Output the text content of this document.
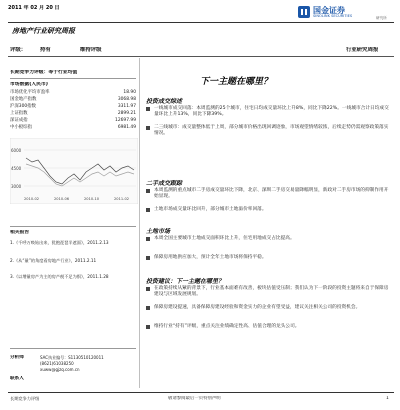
2011 年 02 月 20 日	国金证券
SINOLINK SECURITIES	研究所
房地产行业研究周报
评级：	持有	维持评级	行业研究周报
长期竞争力评级：等于行业均值
市场数据(人民币)
市场优化平均市盈率	18.90
国金地产指数	3068.98
沪深300指数	3311.97
上证指数	2899.21
深证成指	12697.99
中小板综指	6981.49
6000
4500
3000
2010-02	2010-06	2010-10	2011-02
相关报告
1.《千呼万唤始出来，犹抱琵琶半遮面》，2011.2.13
2.《从“量”的角度看房地产行业》，2011.2.11
3.《以增量房产为主的房产税不足为惧》，2011.1.28
分析师	SAC执业编号：S1130510120011
(8621)61038250
xuww@gjzq.com.cn
联系人
下一主题在哪里？
投资成交综述
一线城市成交回落：本周监测的25个城市，住宅日均成交量环比上升8%，同比下降22%。一线城市合计日均成交量环比上升13%，同比下降39%。
二三线城市：成交量整体低于上周，部分城市价格出现回调迹象，市场观望情绪较浓，后续走势仍需观察政策落实情况。
二手成交跟踪
本周监测的重点城市二手房成交量环比下降，北京、深圳二手房交易量降幅明显，新政对二手房市场的抑制作用开始显现。
土地市场成交量环比回升，部分城市土地溢价率回落。
土地市场
本周全国主要城市土地成交面积环比上升，住宅用地成交占比提高。
保障房用地供应加大，预计全年土地市场将保持平稳。
投资建议：下一主题在哪里？
在政策持续从紧的背景下，行业基本面难有改善，板块估值受压制；我们认为下一阶段的投资主题将来自于保障房建设与区域发展规划。
保障房建设提速，具备保障房建设经验和资金实力的企业有望受益，建议关注相关公司的投资机会。
维持行业“持有”评级，重点关注业绩确定性高、估值合理的龙头公司。
长期竞争力评级	敬请参阅最后一页特别声明	1
